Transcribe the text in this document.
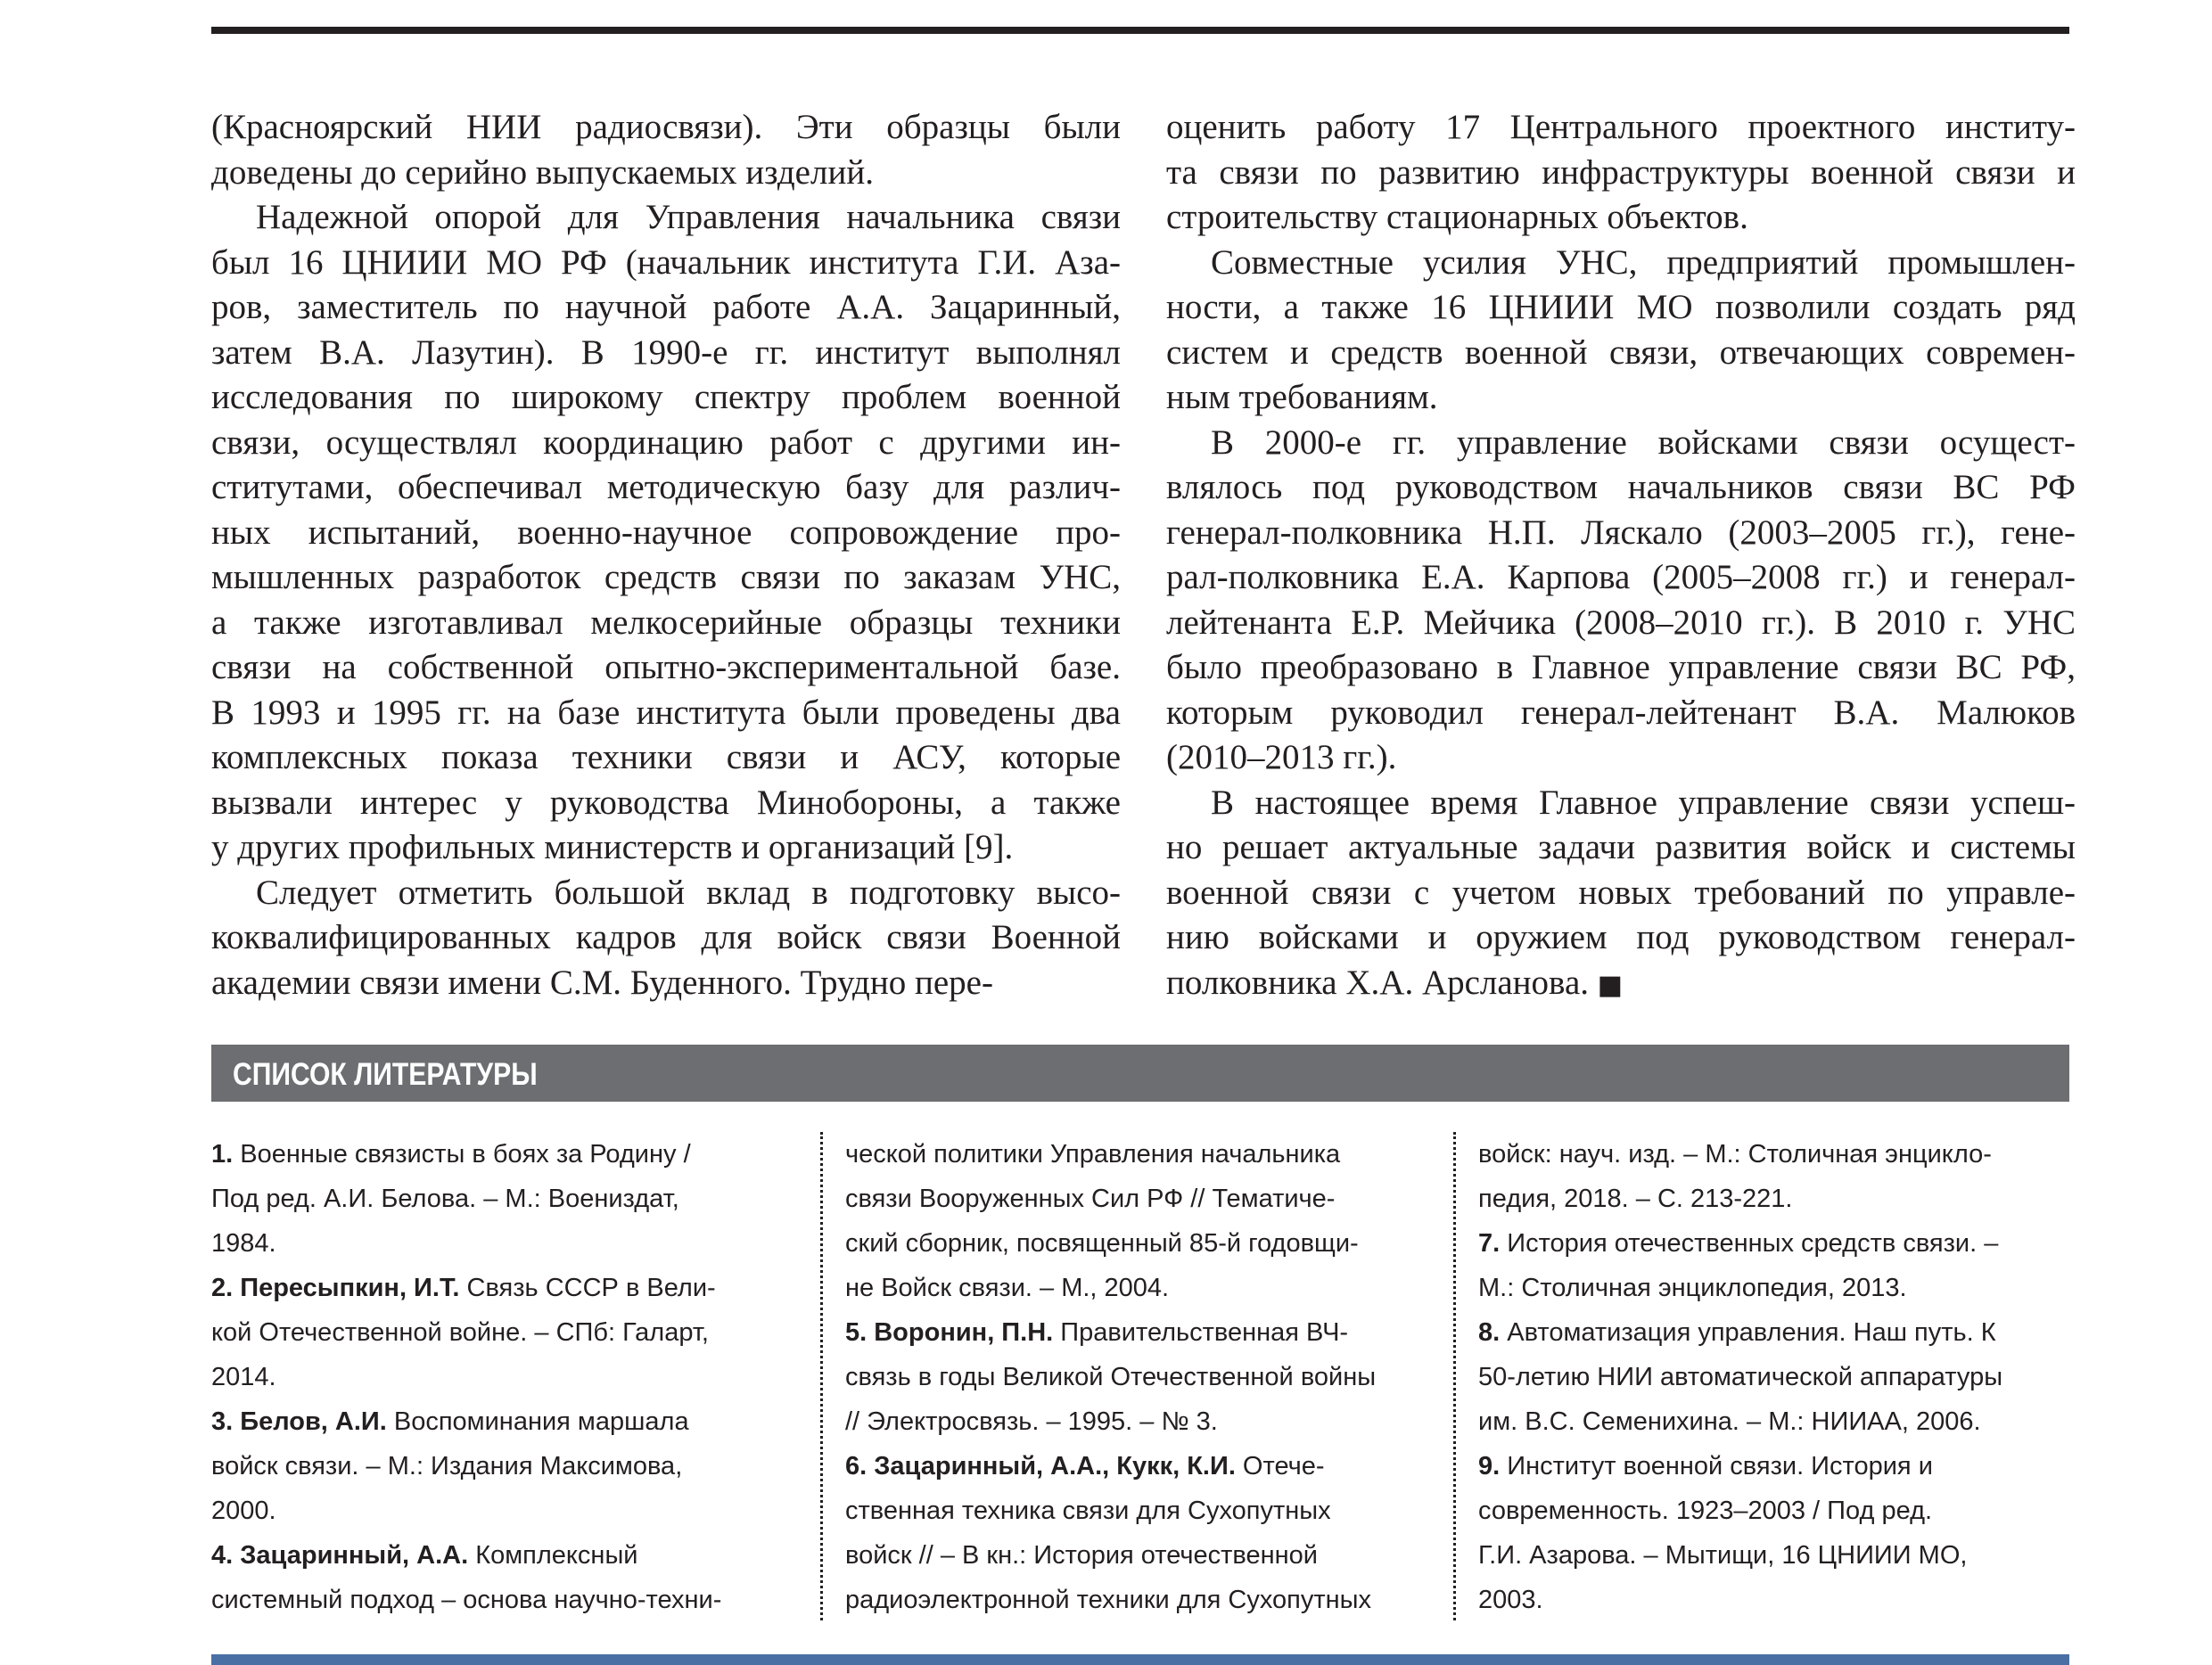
(Красноярский НИИ радиосвязи). Эти образцы были
доведены до серийно выпускаемых изделий.

Надежной опорой для Управления начальника связи
был 16 ЦНИИИ МО РФ (начальник института Г.И. Аза-
ров, заместитель по научной работе А.А. Зацаринный,
затем В.А. Лазутин). В 1990-е гг. институт выполнял
исследования по широкому спектру проблем военной
связи, осуществлял координацию работ с другими ин-
ститутами, обеспечивал методическую базу для различ-
ных испытаний, военно-научное сопровождение про-
мышленных разработок средств связи по заказам УНС,
а также изготавливал мелкосерийные образцы техники
связи на собственной опытно-экспериментальной базе.
В 1993 и 1995 гг. на базе института были проведены два
комплексных показа техники связи и АСУ, которые
вызвали интерес у руководства Минобороны, а также
у других профильных министерств и организаций [9].

Следует отметить большой вклад в подготовку высо-
коквалифицированных кадров для войск связи Военной
академии связи имени С.М. Буденного. Трудно пере-

оценить работу 17 Центрального проектного институ-
та связи по развитию инфраструктуры военной связи и
строительству стационарных объектов.

Совместные усилия УНС, предприятий промышлен-
ности, а также 16 ЦНИИИ МО позволили создать ряд
систем и средств военной связи, отвечающих современ-
ным требованиям.

В 2000-е гг. управление войсками связи осущест-
влялось под руководством начальников связи ВС РФ
генерал-полковника Н.П. Ляскало (2003–2005 гг.), гене-
рал-полковника Е.А. Карпова (2005–2008 гг.) и генерал-
лейтенанта Е.Р. Мейчика (2008–2010 гг.). В 2010 г. УНС
было преобразовано в Главное управление связи ВС РФ,
которым руководил генерал-лейтенант В.А. Малюков
(2010–2013 гг.).

В настоящее время Главное управление связи успеш-
но решает актуальные задачи развития войск и системы
военной связи с учетом новых требований по управле-
нию войсками и оружием под руководством генерал-
полковника Х.А. Арсланова. ■

СПИСОК ЛИТЕРАТУРЫ

1. Военные связисты в боях за Родину /
Под ред. А.И. Белова. – М.: Воениздат,
1984.

2. Пересыпкин, И.Т. Связь СССР в Вели-
кой Отечественной войне. – СПб: Галарт,
2014.

3. Белов, А.И. Воспоминания маршала
войск связи. – М.: Издания Максимова,
2000.

4. Зацаринный, А.А. Комплексный
системный подход – основа научно-техни-

ческой политики Управления начальника
связи Вооруженных Сил РФ // Тематиче-
ский сборник, посвященный 85-й годовщи-
не Войск связи. – М., 2004.

5. Воронин, П.Н. Правительственная ВЧ-
связь в годы Великой Отечественной войны
// Электросвязь. – 1995. – № 3.

6. Зацаринный, А.А., Кукк, К.И. Отече-
ственная техника связи для Сухопутных
войск // – В кн.: История отечественной
радиоэлектронной техники для Сухопутных

войск: науч. изд. – М.: Столичная энцикло-
педия, 2018. – С. 213-221.

7. История отечественных средств связи. –
М.: Столичная энциклопедия, 2013.

8. Автоматизация управления. Наш путь. К
50-летию НИИ автоматической аппаратуры
им. В.С. Семенихина. – М.: НИИАА, 2006.

9. Институт военной связи. История и
современность. 1923–2003 / Под ред.
Г.И. Азарова. – Мытищи, 16 ЦНИИИ МО,
2003.
